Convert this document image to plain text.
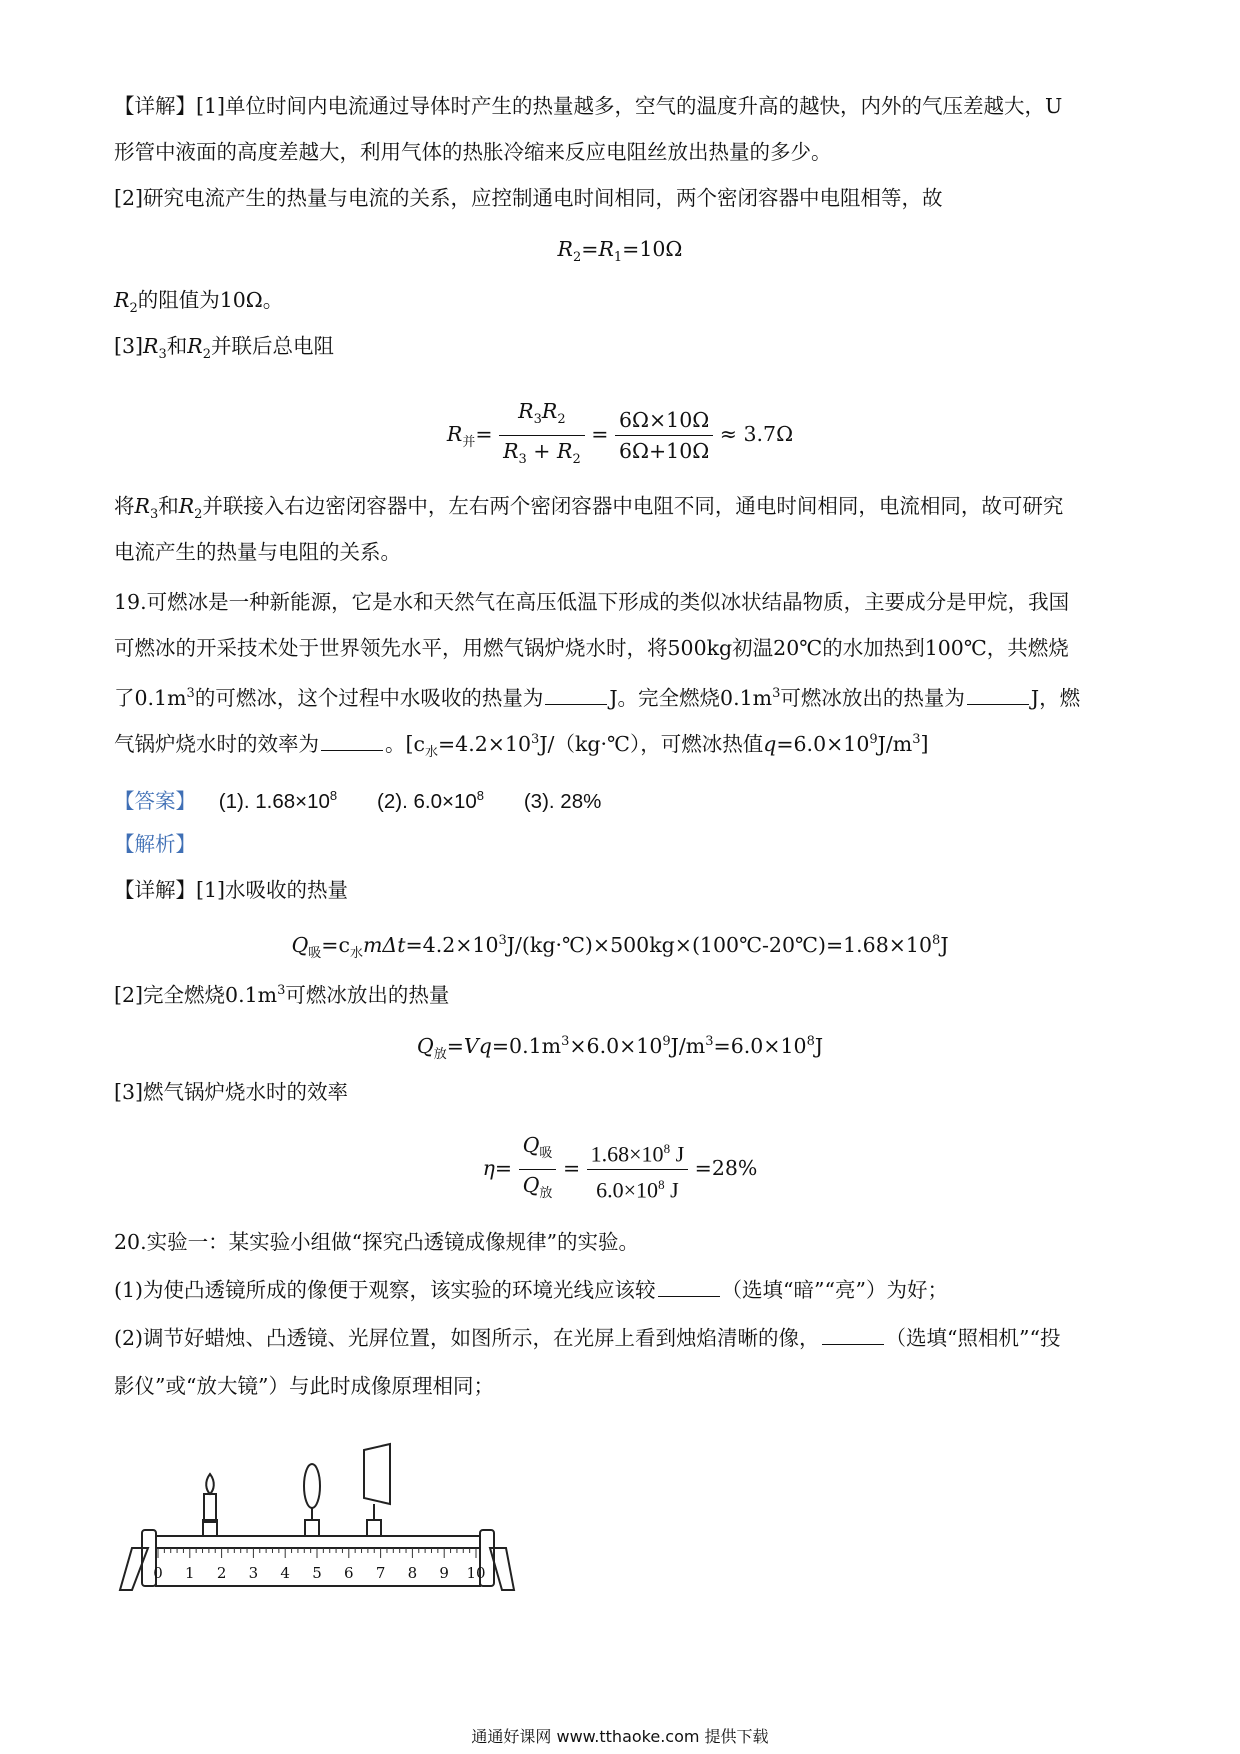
【详解】[1]单位时间内电流通过导体时产生的热量越多，空气的温度升高的越快，内外的气压差越大，U
形管中液面的高度差越大，利用气体的热胀冷缩来反应电阻丝放出热量的多少。
[2]研究电流产生的热量与电流的关系，应控制通电时间相同，两个密闭容器中电阻相等，故
$R_2=R_1=10\Omega$
$R_2$的阻值为10Ω。
$[3]R_3$和$R_2$并联后总电阻
$R_并= \frac{R_3R_2}{R_3 + R_2} = \frac{6\Omega\times 10\Omega}{6\Omega+10\Omega} \approx 3.7\Omega$
将$R_3$和$R_2$并联接入右边密闭容器中，左右两个密闭容器中电阻不同，通电时间相同，电流相同，故可研究
电流产生的热量与电阻的关系。
19.可燃冰是一种新能源，它是水和天然气在高压低温下形成的类似冰状结晶物质，主要成分是甲烷，我国
可燃冰的开采技术处于世界领先水平，用燃气锅炉烧水时，将500kg初温20℃的水加热到100℃，共燃烧
了$0.1m^3$的可燃冰，这个过程中水吸收的热量为	J。完全燃烧$0.1m^3$可燃冰放出的热量为	J，燃
气锅炉烧水时的效率为	。[$c_水=4.2\times 10^3J/(kg\cdot℃)$，可燃冰热值$q=6.0\times 10^9J/m^3$]
【答案】 (1). $1.68\times 10^8$ (2). $6.0\times 10^8$ (3). 28%
【解析】
【详解】[1]水吸收的热量
$Q_吸=c_水m\Delta t=4.2\times 10^3J/(kg\cdot℃)\times 500kg\times(100℃-20℃)=1.68\times 10^8J$
[2]完全燃烧$0.1m^3$可燃冰放出的热量
$Q_放=Vq=0.1m^3\times 6.0\times 10^9J/m^3=6.0\times 10^8J$
[3]燃气锅炉烧水时的效率
$\eta= \frac{Q_吸}{Q_放} = \frac{1.68\times 10^8 J}{6.0\times 10^8 J} =28\%$
20.实验一：某实验小组做“探究凸透镜成像规律”的实验。
(1)为使凸透镜所成的像便于观察，该实验的环境光线应该较	（选填“暗”“亮”）为好；
(2)调节好蜡烛、凸透镜、光屏位置，如图所示，在光屏上看到烛焰清晰的像，	（选填“照相机”“投
影仪”或“放大镜”）与此时成像原理相同；
0 1 2 3 4 5 6 7 8 9 10
通通好课网 www.tthaoke.com 提供下载
